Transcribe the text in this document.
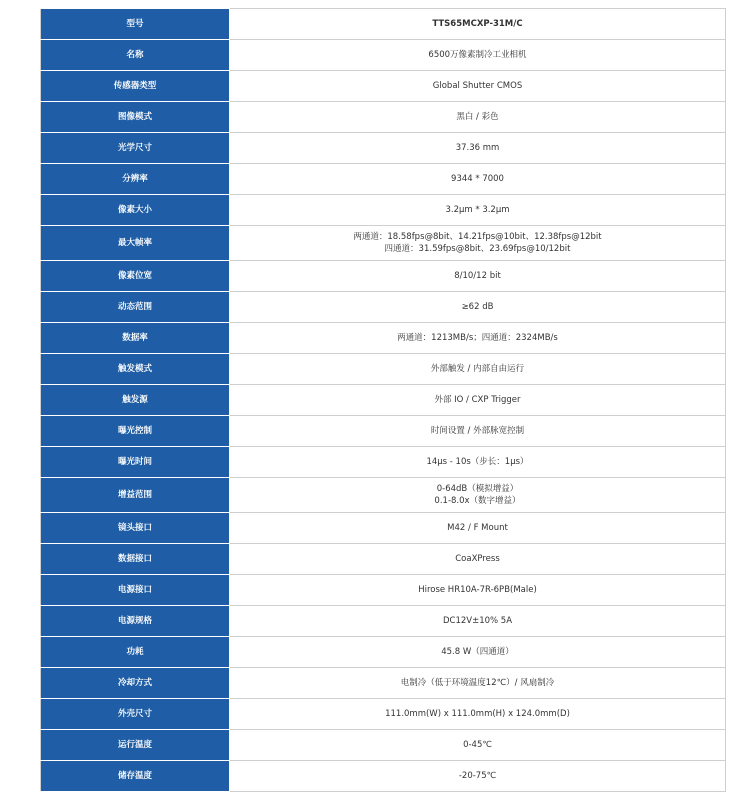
型号	TTS65MCXP-31M/C
名称	6500万像素制冷工业相机
传感器类型	Global Shutter CMOS
图像模式	黑白 / 彩色
光学尺寸	37.36 mm
分辨率	9344 * 7000
像素大小	3.2μm * 3.2μm
最大帧率	两通道：18.58fps@8bit、14.21fps@10bit、12.38fps@12bit
四通道：31.59fps@8bit、23.69fps@10/12bit

像素位宽	8/10/12 bit
动态范围	≥62 dB
数据率	两通道：1213MB/s；四通道：2324MB/s
触发模式	外部触发 / 内部自由运行
触发源	外部 IO / CXP Trigger
曝光控制	时间设置 / 外部脉宽控制
曝光时间	14μs - 10s（步长：1μs）
增益范围	0-64dB（模拟增益）
0.1-8.0x（数字增益）

镜头接口	M42 / F Mount
数据接口	CoaXPress
电源接口	Hirose HR10A-7R-6PB(Male)
电源规格	DC12V±10% 5A
功耗	45.8 W（四通道）
冷却方式	电制冷（低于环境温度12℃）/ 风扇制冷
外壳尺寸	111.0mm(W) x 111.0mm(H) x 124.0mm(D)
运行温度	0-45℃
储存温度	-20-75℃
